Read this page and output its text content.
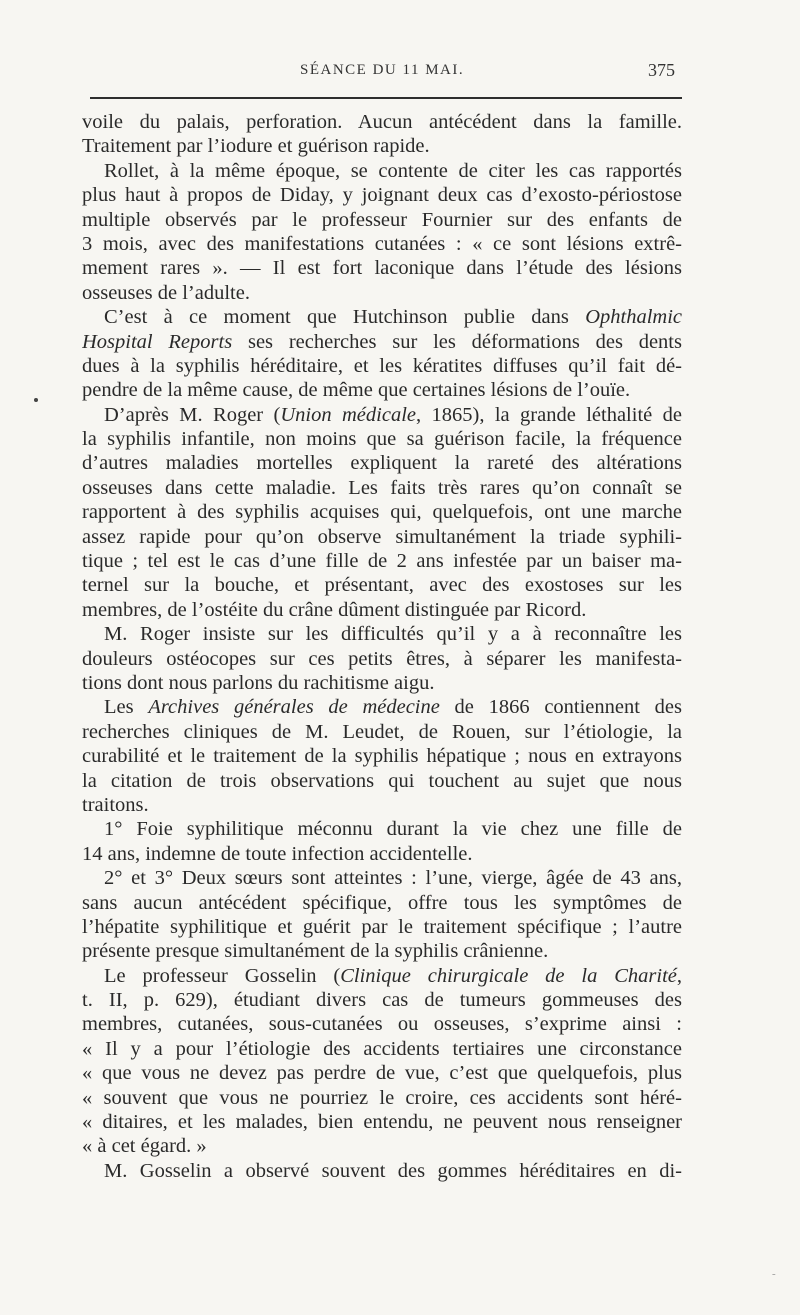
SÉANCE DU 11 MAI.	375
voile du palais, perforation. Aucun antécédent dans la famille.
Traitement par l’iodure et guérison rapide.
Rollet, à la même époque, se contente de citer les cas rapportés
plus haut à propos de Diday, y joignant deux cas d’exosto-périostose
multiple observés par le professeur Fournier sur des enfants de
3 mois, avec des manifestations cutanées : « ce sont lésions extrê-
mement rares ». — Il est fort laconique dans l’étude des lésions
osseuses de l’adulte.
C’est à ce moment que Hutchinson publie dans Ophthalmic
Hospital Reports ses recherches sur les déformations des dents
dues à la syphilis héréditaire, et les kératites diffuses qu’il fait dé-
pendre de la même cause, de même que certaines lésions de l’ouïe.
D’après M. Roger (Union médicale, 1865), la grande léthalité de
la syphilis infantile, non moins que sa guérison facile, la fréquence
d’autres maladies mortelles expliquent la rareté des altérations
osseuses dans cette maladie. Les faits très rares qu’on connaît se
rapportent à des syphilis acquises qui, quelquefois, ont une marche
assez rapide pour qu’on observe simultanément la triade syphili-
tique ; tel est le cas d’une fille de 2 ans infestée par un baiser ma-
ternel sur la bouche, et présentant, avec des exostoses sur les
membres, de l’ostéite du crâne dûment distinguée par Ricord.
M. Roger insiste sur les difficultés qu’il y a à reconnaître les
douleurs ostéocopes sur ces petits êtres, à séparer les manifesta-
tions dont nous parlons du rachitisme aigu.
Les Archives générales de médecine de 1866 contiennent des
recherches cliniques de M. Leudet, de Rouen, sur l’étiologie, la
curabilité et le traitement de la syphilis hépatique ; nous en extrayons
la citation de trois observations qui touchent au sujet que nous
traitons.
1° Foie syphilitique méconnu durant la vie chez une fille de
14 ans, indemne de toute infection accidentelle.
2° et 3° Deux sœurs sont atteintes : l’une, vierge, âgée de 43 ans,
sans aucun antécédent spécifique, offre tous les symptômes de
l’hépatite syphilitique et guérit par le traitement spécifique ; l’autre
présente presque simultanément de la syphilis crânienne.
Le professeur Gosselin (Clinique chirurgicale de la Charité,
t. II, p. 629), étudiant divers cas de tumeurs gommeuses des
membres, cutanées, sous-cutanées ou osseuses, s’exprime ainsi :
« Il y a pour l’étiologie des accidents tertiaires une circonstance
« que vous ne devez pas perdre de vue, c’est que quelquefois, plus
« souvent que vous ne pourriez le croire, ces accidents sont héré-
« ditaires, et les malades, bien entendu, ne peuvent nous renseigner
« à cet égard. »
M. Gosselin a observé souvent des gommes héréditaires en di-
-
